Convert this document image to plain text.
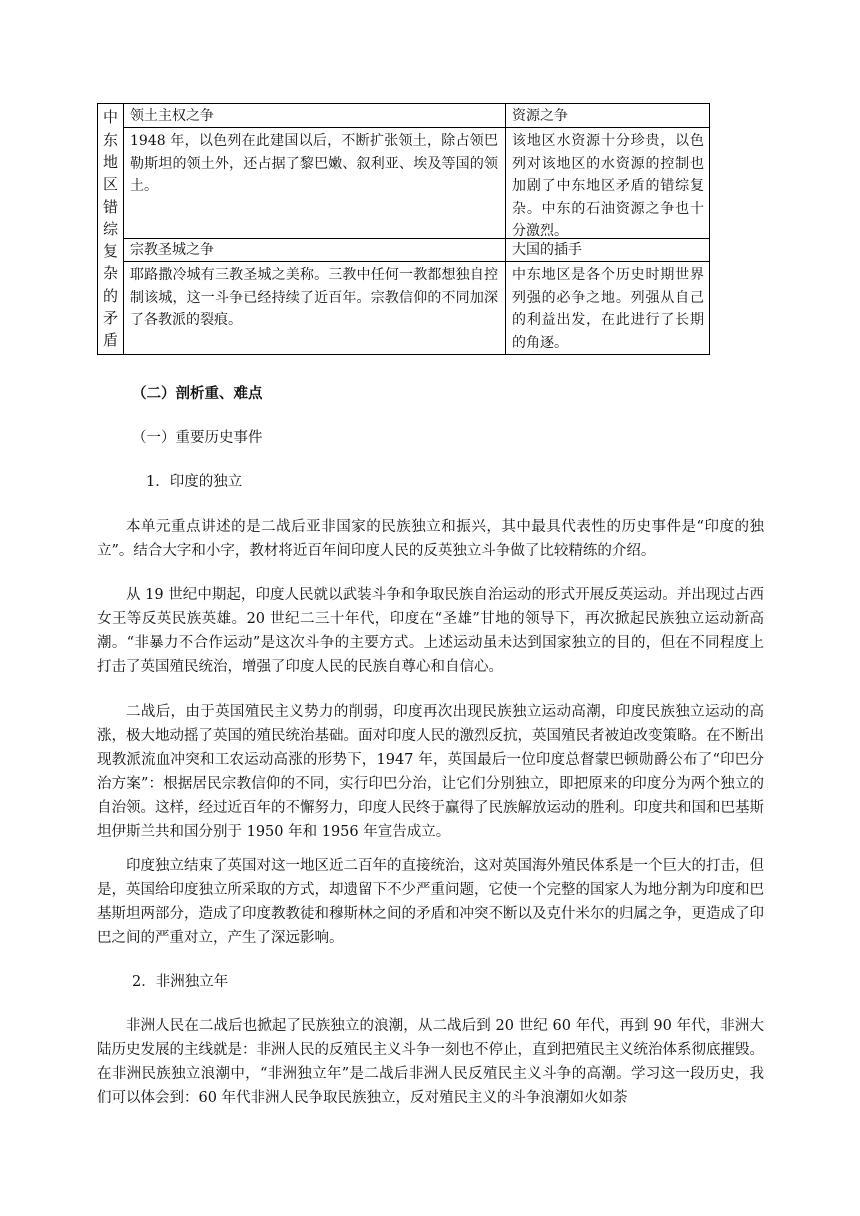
中
东
地
区
错
综
复
杂
的
矛
盾
领土主权之争
1948 年，以色列在此建国以后，不断扩张领土，除占领巴勒斯坦的领土外，还占据了黎巴嫩、叙利亚、埃及等国的领土。
资源之争
该地区水资源十分珍贵，以色列对该地区的水资源的控制也加剧了中东地区矛盾的错综复杂。中东的石油资源之争也十分激烈。
宗教圣城之争
耶路撒冷城有三教圣城之美称。三教中任何一教都想独自控制该城，这一斗争已经持续了近百年。宗教信仰的不同加深了各教派的裂痕。
大国的插手
中东地区是各个历史时期世界列强的必争之地。列强从自己的利益出发，在此进行了长期的角逐。
（二）剖析重、难点
（一）重要历史事件
1．印度的独立

本单元重点讲述的是二战后亚非国家的民族独立和振兴，其中最具代表性的历史事件是“印度的独立”。结合大字和小字，教材将近百年间印度人民的反英独立斗争做了比较精练的介绍。

从 19 世纪中期起，印度人民就以武装斗争和争取民族自治运动的形式开展反英运动。并出现过占西女王等反英民族英雄。20 世纪二三十年代，印度在“圣雄”甘地的领导下，再次掀起民族独立运动新高潮。“非暴力不合作运动”是这次斗争的主要方式。上述运动虽未达到国家独立的目的，但在不同程度上打击了英国殖民统治，增强了印度人民的民族自尊心和自信心。

二战后，由于英国殖民主义势力的削弱，印度再次出现民族独立运动高潮，印度民族独立运动的高涨，极大地动摇了英国的殖民统治基础。面对印度人民的激烈反抗，英国殖民者被迫改变策略。在不断出现教派流血冲突和工农运动高涨的形势下，1947 年，英国最后一位印度总督蒙巴顿勋爵公布了“印巴分治方案”：根据居民宗教信仰的不同，实行印巴分治，让它们分别独立，即把原来的印度分为两个独立的自治领。这样，经过近百年的不懈努力，印度人民终于赢得了民族解放运动的胜利。印度共和国和巴基斯坦伊斯兰共和国分别于 1950 年和 1956 年宣告成立。

印度独立结束了英国对这一地区近二百年的直接统治，这对英国海外殖民体系是一个巨大的打击，但是，英国给印度独立所采取的方式，却遗留下不少严重问题，它使一个完整的国家人为地分割为印度和巴基斯坦两部分，造成了印度教教徒和穆斯林之间的矛盾和冲突不断以及克什米尔的归属之争，更造成了印巴之间的严重对立，产生了深远影响。

2．非洲独立年

非洲人民在二战后也掀起了民族独立的浪潮，从二战后到 20 世纪 60 年代，再到 90 年代，非洲大陆历史发展的主线就是：非洲人民的反殖民主义斗争一刻也不停止，直到把殖民主义统治体系彻底摧毁。在非洲民族独立浪潮中，“非洲独立年”是二战后非洲人民反殖民主义斗争的高潮。学习这一段历史，我们可以体会到：60 年代非洲人民争取民族独立，反对殖民主义的斗争浪潮如火如荼
